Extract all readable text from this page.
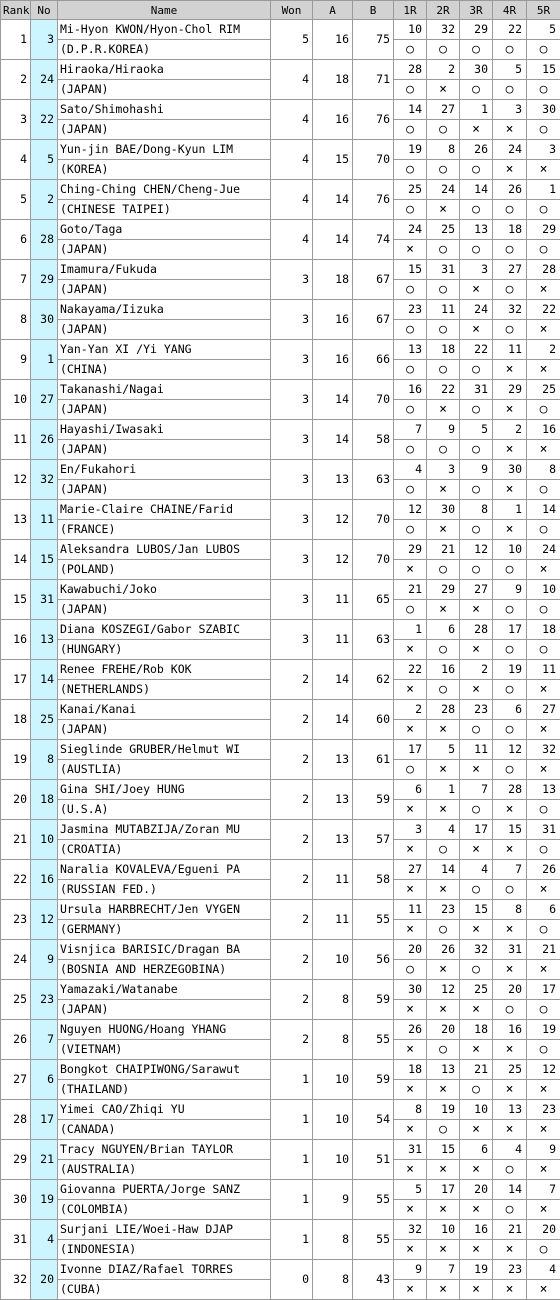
Rank	No	Name	Won	A	B	1R	2R	3R	4R	5R
1	3	Mi-Hyon KWON/Hyon-Chol RIM	5	16	75	10	32	29	22	5
		(D.P.R.KOREA)				○	○	○	○	○
2	24	Hiraoka/Hiraoka	4	18	71	28	2	30	5	15
		(JAPAN)				○	×	○	○	○
3	22	Sato/Shimohashi	4	16	76	14	27	1	3	30
		(JAPAN)				○	○	×	×	○
4	5	Yun-jin BAE/Dong-Kyun LIM	4	15	70	19	8	26	24	3
		(KOREA)				○	○	○	×	×
5	2	Ching-Ching CHEN/Cheng-Jue	4	14	76	25	24	14	26	1
		(CHINESE TAIPEI)				○	×	○	○	○
6	28	Goto/Taga	4	14	74	24	25	13	18	29
		(JAPAN)				×	○	○	○	○
7	29	Imamura/Fukuda	3	18	67	15	31	3	27	28
		(JAPAN)				○	○	×	○	×
8	30	Nakayama/Iizuka	3	16	67	23	11	24	32	22
		(JAPAN)				○	○	×	○	×
9	1	Yan-Yan XI /Yi YANG	3	16	66	13	18	22	11	2
		(CHINA)				○	○	○	×	×
10	27	Takanashi/Nagai	3	14	70	16	22	31	29	25
		(JAPAN)				○	×	○	×	○
11	26	Hayashi/Iwasaki	3	14	58	7	9	5	2	16
		(JAPAN)				○	○	○	×	×
12	32	En/Fukahori	3	13	63	4	3	9	30	8
		(JAPAN)				○	×	○	×	○
13	11	Marie-Claire CHAINE/Farid	3	12	70	12	30	8	1	14
		(FRANCE)				○	×	○	×	○
14	15	Aleksandra LUBOS/Jan LUBOS	3	12	70	29	21	12	10	24
		(POLAND)				×	○	○	○	×
15	31	Kawabuchi/Joko	3	11	65	21	29	27	9	10
		(JAPAN)				○	×	×	○	○
16	13	Diana KOSZEGI/Gabor SZABIC	3	11	63	1	6	28	17	18
		(HUNGARY)				×	○	×	○	○
17	14	Renee FREHE/Rob KOK	2	14	62	22	16	2	19	11
		(NETHERLANDS)				×	○	×	○	×
18	25	Kanai/Kanai	2	14	60	2	28	23	6	27
		(JAPAN)				×	×	○	○	×
19	8	Sieglinde GRUBER/Helmut WI	2	13	61	17	5	11	12	32
		(AUSTLIA)				○	×	×	○	×
20	18	Gina SHI/Joey HUNG	2	13	59	6	1	7	28	13
		(U.S.A)				×	×	○	×	○
21	10	Jasmina MUTABZIJA/Zoran MU	2	13	57	3	4	17	15	31
		(CROATIA)				×	○	×	×	○
22	16	Naralia KOVALEVA/Egueni PA	2	11	58	27	14	4	7	26
		(RUSSIAN FED.)				×	×	○	○	×
23	12	Ursula HARBRECHT/Jen VYGEN	2	11	55	11	23	15	8	6
		(GERMANY)				×	○	×	×	○
24	9	Visnjica BARISIC/Dragan BA	2	10	56	20	26	32	31	21
		(BOSNIA AND HERZEGOBINA)				○	×	○	×	×
25	23	Yamazaki/Watanabe	2	8	59	30	12	25	20	17
		(JAPAN)				×	×	×	○	○
26	7	Nguyen HUONG/Hoang YHANG	2	8	55	26	20	18	16	19
		(VIETNAM)				×	○	×	×	○
27	6	Bongkot CHAIPIWONG/Sarawut	1	10	59	18	13	21	25	12
		(THAILAND)				×	×	○	×	×
28	17	Yimei CAO/Zhiqi YU	1	10	54	8	19	10	13	23
		(CANADA)				×	○	×	×	×
29	21	Tracy NGUYEN/Brian TAYLOR	1	10	51	31	15	6	4	9
		(AUSTRALIA)				×	×	×	○	×
30	19	Giovanna PUERTA/Jorge SANZ	1	9	55	5	17	20	14	7
		(COLOMBIA)				×	×	×	○	×
31	4	Surjani LIE/Woei-Haw DJAP	1	8	55	32	10	16	21	20
		(INDONESIA)				×	×	×	×	○
32	20	Ivonne DIAZ/Rafael TORRES	0	8	43	9	7	19	23	4
		(CUBA)				×	×	×	×	×
